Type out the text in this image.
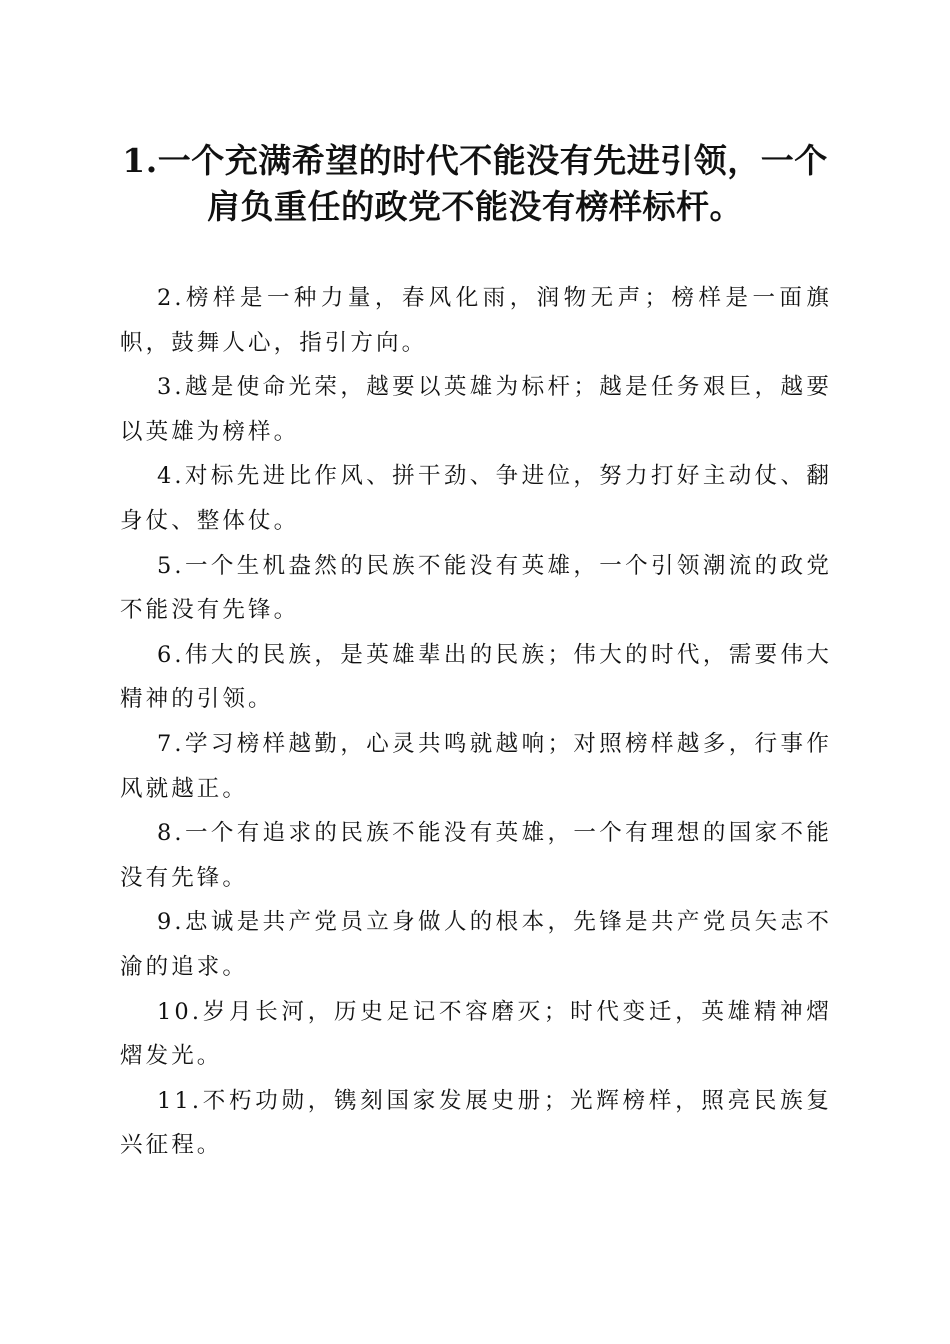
1.一个充满希望的时代不能没有先进引领，一个肩负重任的政党不能没有榜样标杆。
2.榜样是一种力量，春风化雨，润物无声；榜样是一面旗帜，鼓舞人心，指引方向。
3.越是使命光荣，越要以英雄为标杆；越是任务艰巨，越要以英雄为榜样。
4.对标先进比作风、拼干劲、争进位，努力打好主动仗、翻身仗、整体仗。
5.一个生机盎然的民族不能没有英雄，一个引领潮流的政党不能没有先锋。
6.伟大的民族，是英雄辈出的民族；伟大的时代，需要伟大精神的引领。
7.学习榜样越勤，心灵共鸣就越响；对照榜样越多，行事作风就越正。
8.一个有追求的民族不能没有英雄，一个有理想的国家不能没有先锋。
9.忠诚是共产党员立身做人的根本，先锋是共产党员矢志不渝的追求。
10.岁月长河，历史足记不容磨灭；时代变迁，英雄精神熠熠发光。
11.不朽功勋，镌刻国家发展史册；光辉榜样，照亮民族复兴征程。
